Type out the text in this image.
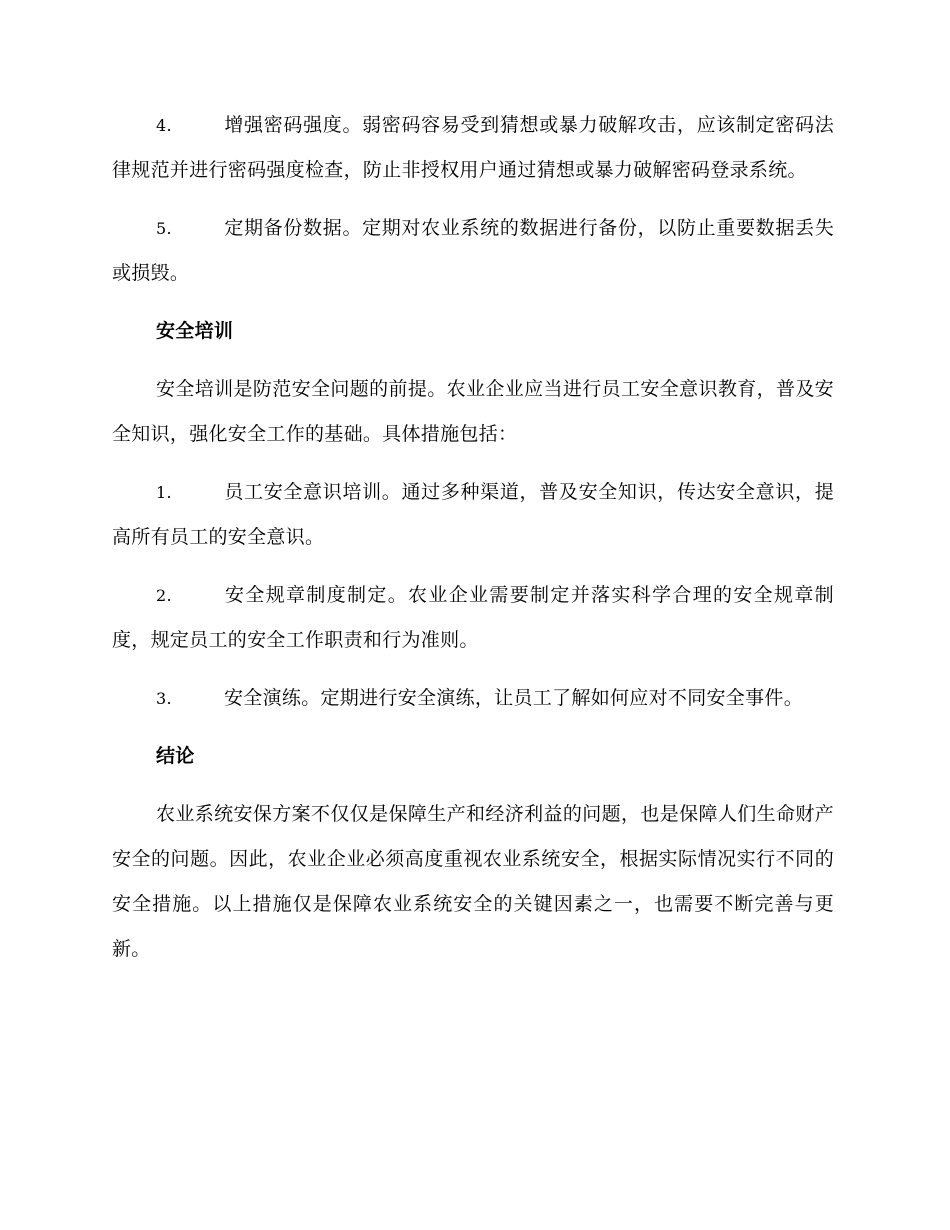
4.	增强密码强度。弱密码容易受到猜想或暴力破解攻击，应该制定密码法律规范并进行密码强度检查，防止非授权用户通过猜想或暴力破解密码登录系统。

5.	定期备份数据。定期对农业系统的数据进行备份，以防止重要数据丢失或损毁。

安全培训

安全培训是防范安全问题的前提。农业企业应当进行员工安全意识教育，普及安全知识，强化安全工作的基础。具体措施包括：

1.	员工安全意识培训。通过多种渠道，普及安全知识，传达安全意识，提高所有员工的安全意识。

2.	安全规章制度制定。农业企业需要制定并落实科学合理的安全规章制度，规定员工的安全工作职责和行为准则。

3.	安全演练。定期进行安全演练，让员工了解如何应对不同安全事件。

结论

农业系统安保方案不仅仅是保障生产和经济利益的问题，也是保障人们生命财产安全的问题。因此，农业企业必须高度重视农业系统安全，根据实际情况实行不同的安全措施。以上措施仅是保障农业系统安全的关键因素之一，也需要不断完善与更新。
